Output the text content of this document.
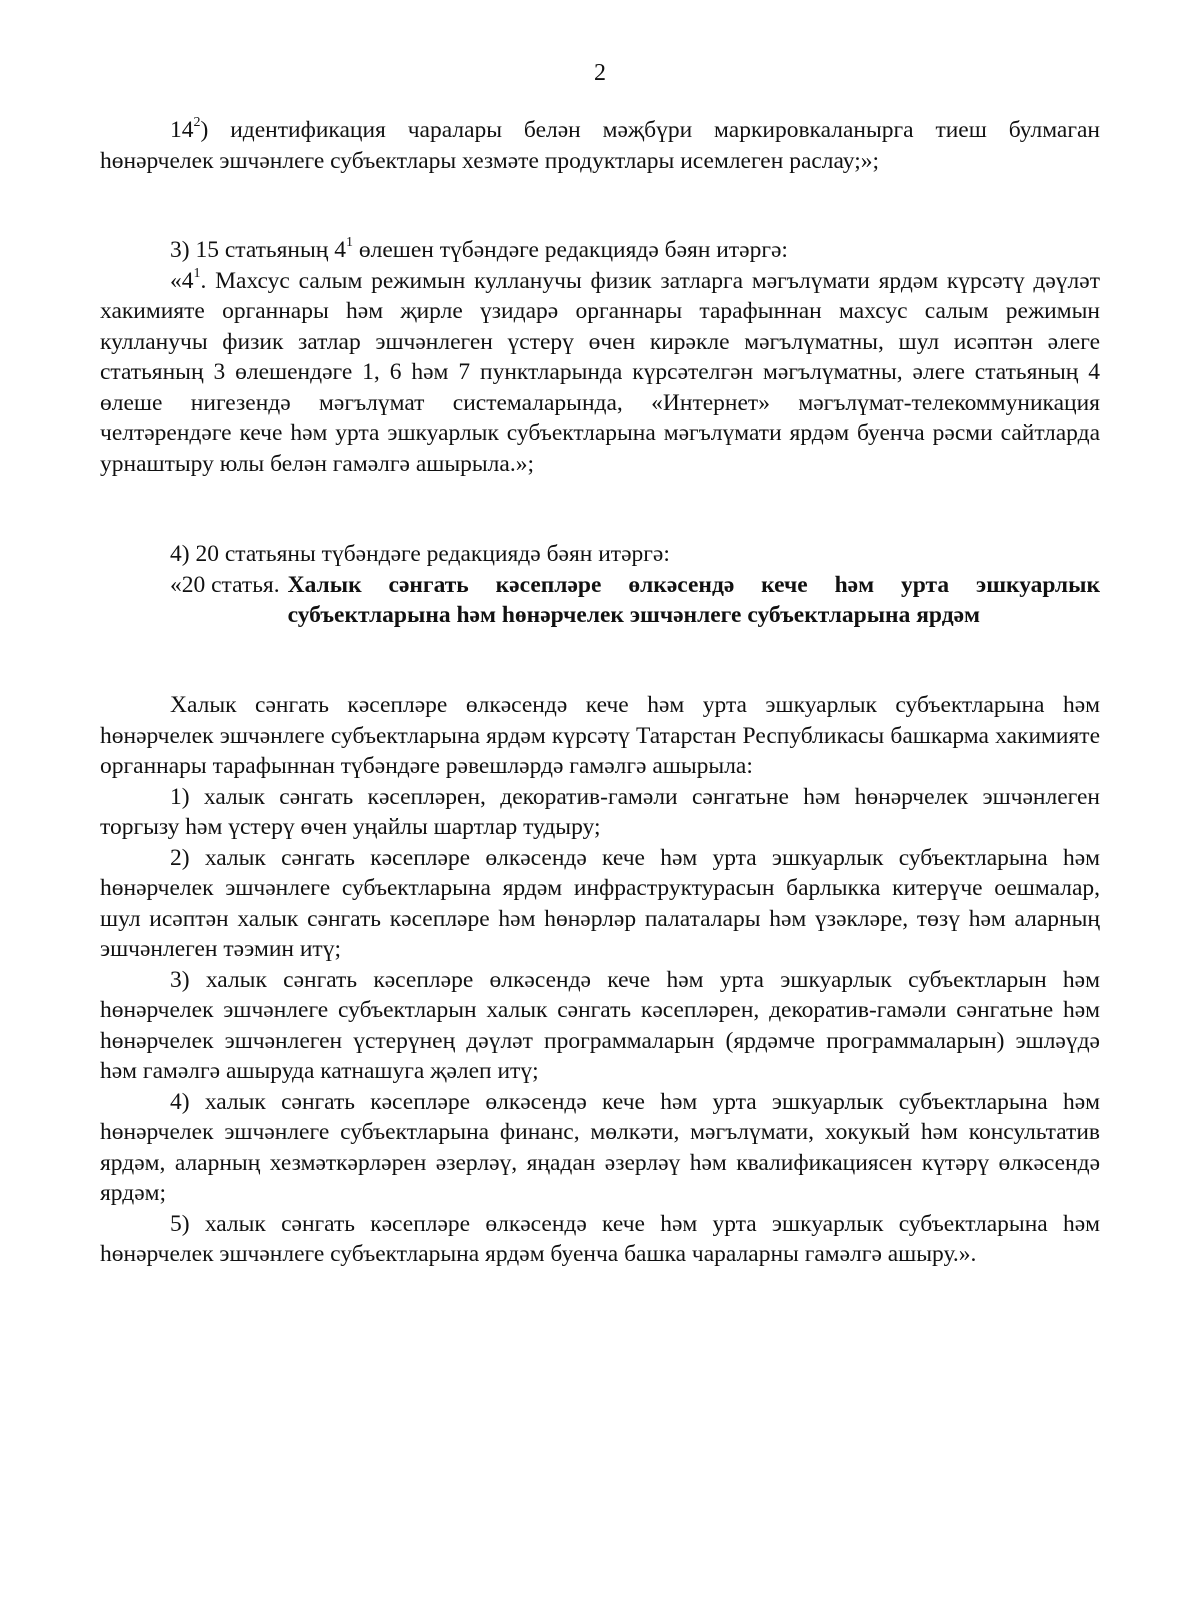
2

$14^2$) идентификация чаралары белән мәҗбүри маркировкаланырга тиеш булмаган һөнәрчелек эшчәнлеге субъектлары хезмәте продуктлары исемлеген раслау;»;

3) 15 статьяның $4^1$ өлешен түбәндәге редакциядә бәян итәргә:

«$4^1$. Махсус салым режимын кулланучы физик затларга мәгълүмати ярдәм күрсәтү дәүләт хакимияте органнары һәм җирле үзидарә органнары тарафыннан махсус салым режимын кулланучы физик затлар эшчәнлеген үстерү өчен кирәкле мәгълүматны, шул исәптән әлеге статьяның 3 өлешендәге 1, 6 һәм 7 пунктларында күрсәтелгән мәгълүматны, әлеге статьяның 4 өлеше нигезендә мәгълүмат системаларында, «Интернет» мәгълүмат-телекоммуникация челтәрендәге кече һәм урта эшкуарлык субъектларына мәгълүмати ярдәм буенча рәсми сайтларда урнаштыру юлы белән гамәлгә ашырыла.»;

4) 20 статьяны түбәндәге редакциядә бәян итәргә:

«20 статья. Халык сәнгать кәсепләре өлкәсендә кече һәм урта эшкуарлык субъектларына һәм һөнәрчелек эшчәнлеге субъектларына ярдәм

Халык сәнгать кәсепләре өлкәсендә кече һәм урта эшкуарлык субъектларына һәм һөнәрчелек эшчәнлеге субъектларына ярдәм күрсәтү Татарстан Республикасы башкарма хакимияте органнары тарафыннан түбәндәге рәвешләрдә гамәлгә ашырыла:

1) халык сәнгать кәсепләрен, декоратив-гамәли сәнгатьне һәм һөнәрчелек эшчәнлеген торгызу һәм үстерү өчен уңайлы шартлар тудыру;

2) халык сәнгать кәсепләре өлкәсендә кече һәм урта эшкуарлык субъектларына һәм һөнәрчелек эшчәнлеге субъектларына ярдәм инфраструктурасын барлыкка китерүче оешмалар, шул исәптән халык сәнгать кәсепләре һәм һөнәрләр палаталары һәм үзәкләре, төзү һәм аларның эшчәнлеген тәэмин итү;

3) халык сәнгать кәсепләре өлкәсендә кече һәм урта эшкуарлык субъектларын һәм һөнәрчелек эшчәнлеге субъектларын халык сәнгать кәсепләрен, декоратив-гамәли сәнгатьне һәм һөнәрчелек эшчәнлеген үстерүнең дәүләт программаларын (ярдәмче программаларын) эшләүдә һәм гамәлгә ашыруда катнашуга җәлеп итү;

4) халык сәнгать кәсепләре өлкәсендә кече һәм урта эшкуарлык субъектларына һәм һөнәрчелек эшчәнлеге субъектларына финанс, мөлкәти, мәгълүмати, хокукый һәм консультатив ярдәм, аларның хезмәткәрләрен әзерләү, яңадан әзерләү һәм квалификациясен күтәрү өлкәсендә ярдәм;

5) халык сәнгать кәсепләре өлкәсендә кече һәм урта эшкуарлык субъектларына һәм һөнәрчелек эшчәнлеге субъектларына ярдәм буенча башка чараларны гамәлгә ашыру.».
